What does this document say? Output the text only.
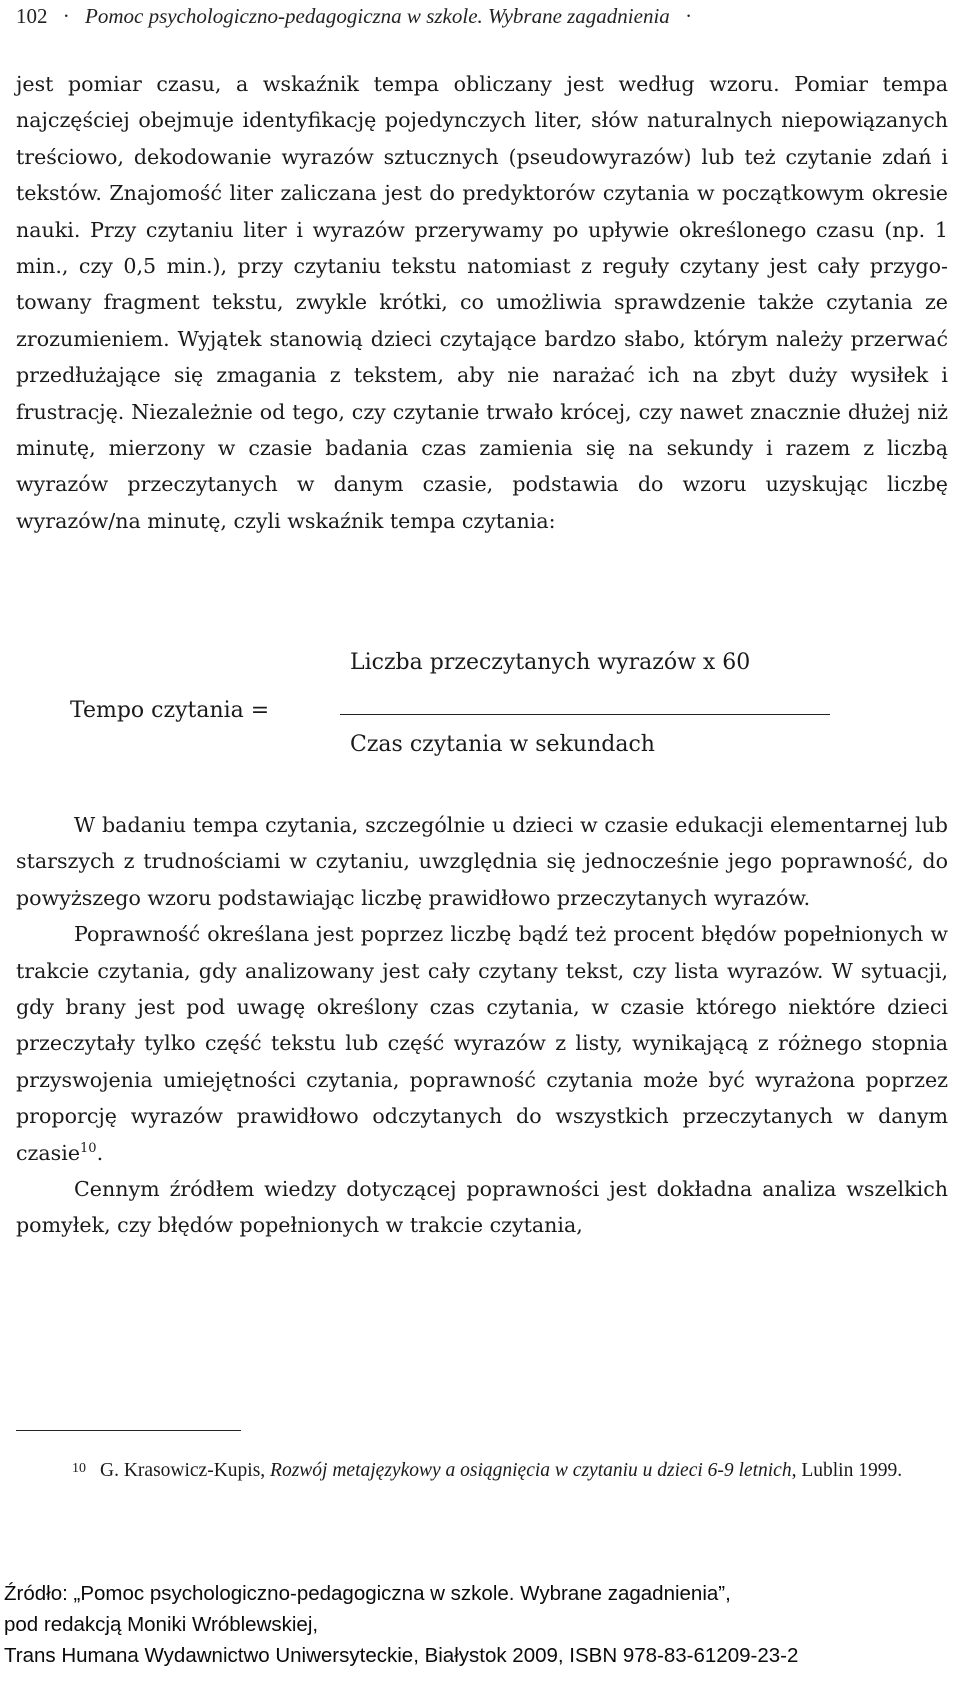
102 · Pomoc psychologiczno-pedagogiczna w szkole. Wybrane zagadnienia ·
jest pomiar czasu, a wskaźnik tempa obliczany jest według wzoru. Pomiar tempa najczęściej obejmuje identyfikację pojedynczych liter, słów naturalnych niepowiązanych treściowo, dekodowanie wyrazów sztucznych (pseudowyrazów) lub też czytanie zdań i tekstów. Znajomość liter zaliczana jest do predyktorów czytania w początkowym okresie nauki. Przy czytaniu liter i wyrazów przerywamy po upływie określonego czasu (np. 1 min., czy 0,5 min.), przy czytaniu tekstu natomiast z reguły czytany jest cały przygotowany fragment tekstu, zwykle krótki, co umożliwia sprawdzenie także czytania ze zrozumieniem. Wyjątek stanowią dzieci czytające bardzo słabo, którym należy przerwać przedłużające się zmagania z tekstem, aby nie narażać ich na zbyt duży wysiłek i frustrację. Niezależnie od tego, czy czytanie trwało krócej, czy nawet znacznie dłużej niż minutę, mierzony w czasie badania czas zamienia się na sekundy i razem z liczbą wyrazów przeczytanych w danym czasie, podstawia do wzoru uzyskując liczbę wyrazów/na minutę, czyli wskaźnik tempa czytania:
Tempo czytania =
Liczba przeczytanych wyrazów x 60
Czas czytania w sekundach
W badaniu tempa czytania, szczególnie u dzieci w czasie edukacji elementarnej lub starszych z trudnościami w czytaniu, uwzględnia się jednocześnie jego poprawność, do powyższego wzoru podstawiając liczbę prawidłowo przeczytanych wyrazów.
Poprawność określana jest poprzez liczbę bądź też procent błędów popełnionych w trakcie czytania, gdy analizowany jest cały czytany tekst, czy lista wyrazów. W sytuacji, gdy brany jest pod uwagę określony czas czytania, w czasie którego niektóre dzieci przeczytały tylko część tekstu lub część wyrazów z listy, wynikającą z różnego stopnia przyswojenia umiejętności czytania, poprawność czytania może być wyrażona poprzez proporcję wyrazów prawidłowo odczytanych do wszystkich przeczytanych w danym czasie$^{10}$.
Cennym źródłem wiedzy dotyczącej poprawności jest dokładna analiza wszelkich pomyłek, czy błędów popełnionych w trakcie czytania,
$^{10}$ G. Krasowicz-Kupis, Rozwój metajęzykowy a osiągnięcia w czytaniu u dzieci 6-9 letnich, Lublin 1999.
Źródło: „Pomoc psychologiczno-pedagogiczna w szkole. Wybrane zagadnienia”,
pod redakcją Moniki Wróblewskiej,
Trans Humana Wydawnictwo Uniwersyteckie, Białystok 2009, ISBN 978-83-61209-23-2
